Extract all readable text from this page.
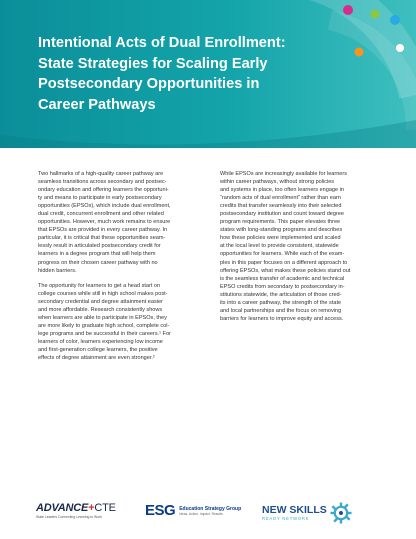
Intentional Acts of Dual Enrollment:
State Strategies for Scaling Early
Postsecondary Opportunities in
Career Pathways

Two hallmarks of a high-quality career pathway are
seamless transitions across secondary and postsec-
ondary education and offering learners the opportuni-
ty and means to participate in early postsecondary
opportunities (EPSOs), which include dual enrollment,
dual credit, concurrent enrollment and other related
opportunities. However, much work remains to ensure
that EPSOs are provided in every career pathway. In
particular, it is critical that these opportunities seam-
lessly result in articulated postsecondary credit for
learners in a degree program that will help them
progress on their chosen career pathway with no
hidden barriers.

The opportunity for learners to get a head start on
college courses while still in high school makes post-
secondary credential and degree attainment easier
and more affordable. Research consistently shows
when learners are able to participate in EPSOs, they
are more likely to graduate high school, complete col-
lege programs and be successful in their careers.¹ For
learners of color, learners experiencing low income
and first-generation college learners, the positive
effects of degree attainment are even stronger.²

While EPSOs are increasingly available for learners
within career pathways, without strong policies
and systems in place, too often learners engage in
“random acts of dual enrollment” rather than earn
credits that transfer seamlessly into their selected
postsecondary institution and count toward degree
program requirements. This paper elevates three
states with long-standing programs and describes
how these policies were implemented and scaled
at the local level to provide consistent, statewide
opportunities for learners. While each of the exam-
ples in this paper focuses on a different approach to
offering EPSOs, what makes these policies stand out
is the seamless transfer of academic and technical
EPSO credits from secondary to postsecondary in-
stitutions statewide, the articulation of those cred-
its into a career pathway, the strength of the state
and local partnerships and the focus on removing
barriers for learners to improve equity and access.

ADVANCE+CTE
State Leaders Connecting Learning to Work	ESG Education Strategy Group
Ideas. Action. Impact. Results.	NEW SKILLS
READY NETWORK
